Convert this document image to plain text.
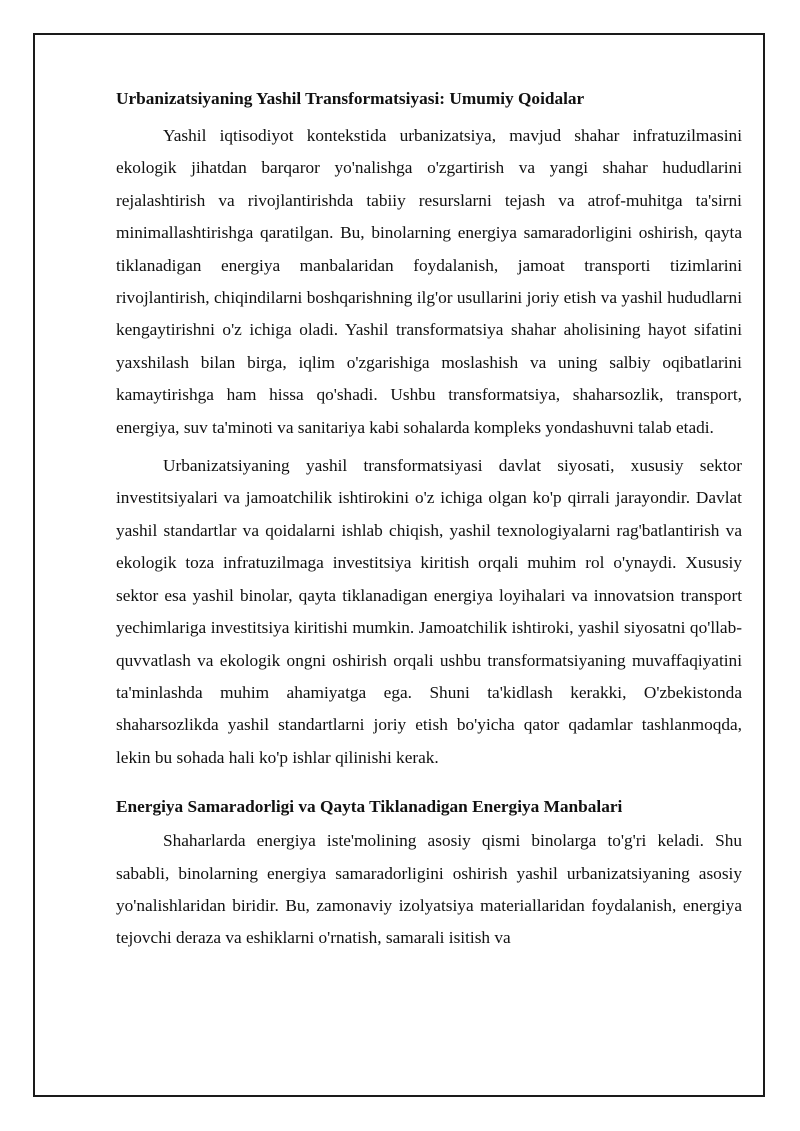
Urbanizatsiyaning Yashil Transformatsiyasi: Umumiy Qoidalar

Yashil iqtisodiyot kontekstida urbanizatsiya, mavjud shahar infratuzilmasini ekologik jihatdan barqaror yo'nalishga o'zgartirish va yangi shahar hududlarini rejalashtirish va rivojlantirishda tabiiy resurslarni tejash va atrof-muhitga ta'sirni minimallashtirishga qaratilgan. Bu, binolarning energiya samaradorligini oshirish, qayta tiklanadigan energiya manbalaridan foydalanish, jamoat transporti tizimlarini rivojlantirish, chiqindilarni boshqarishning ilg'or usullarini joriy etish va yashil hududlarni kengaytirishni o'z ichiga oladi. Yashil transformatsiya shahar aholisining hayot sifatini yaxshilash bilan birga, iqlim o'zgarishiga moslashish va uning salbiy oqibatlarini kamaytirishga ham hissa qo'shadi. Ushbu transformatsiya, shaharsozlik, transport, energiya, suv ta'minoti va sanitariya kabi sohalarda kompleks yondashuvni talab etadi.

Urbanizatsiyaning yashil transformatsiyasi davlat siyosati, xususiy sektor investitsiyalari va jamoatchilik ishtirokini o'z ichiga olgan ko'p qirrali jarayondir. Davlat yashil standartlar va qoidalarni ishlab chiqish, yashil texnologiyalarni rag'batlantirish va ekologik toza infratuzilmaga investitsiya kiritish orqali muhim rol o'ynaydi. Xususiy sektor esa yashil binolar, qayta tiklanadigan energiya loyihalari va innovatsion transport yechimlariga investitsiya kiritishi mumkin. Jamoatchilik ishtiroki, yashil siyosatni qo'llab-quvvatlash va ekologik ongni oshirish orqali ushbu transformatsiyaning muvaffaqiyatini ta'minlashda muhim ahamiyatga ega. Shuni ta'kidlash kerakki, O'zbekistonda shaharsozlikda yashil standartlarni joriy etish bo'yicha qator qadamlar tashlanmoqda, lekin bu sohada hali ko'p ishlar qilinishi kerak.

Energiya Samaradorligi va Qayta Tiklanadigan Energiya Manbalari

Shaharlarda energiya iste'molining asosiy qismi binolarga to'g'ri keladi. Shu sababli, binolarning energiya samaradorligini oshirish yashil urbanizatsiyaning asosiy yo'nalishlaridan biridir. Bu, zamonaviy izolyatsiya materiallaridan foydalanish, energiya tejovchi deraza va eshiklarni o'rnatish, samarali isitish va
